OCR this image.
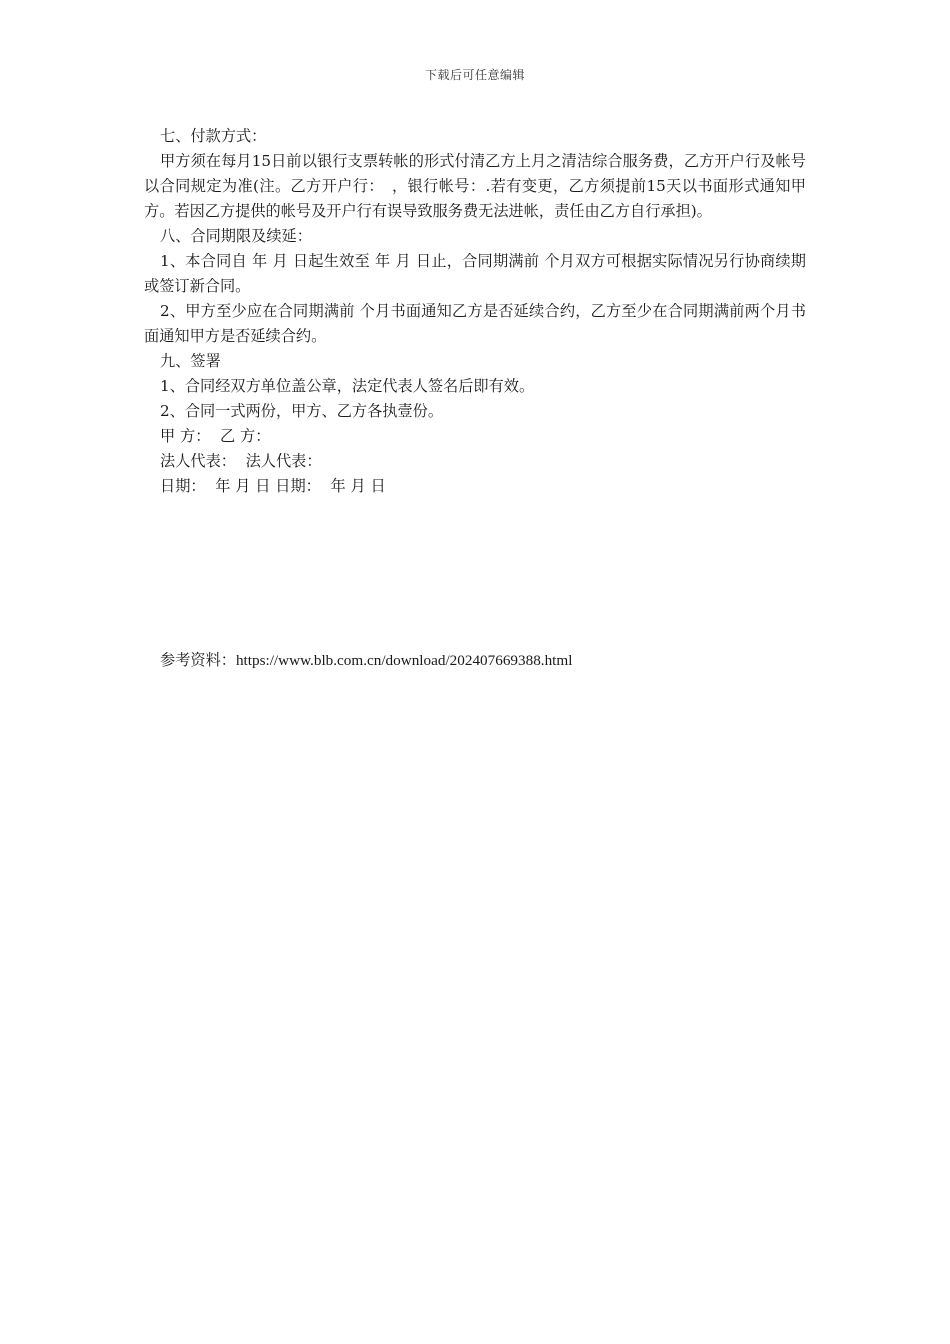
下载后可任意编辑

七、付款方式：

甲方须在每月15日前以银行支票转帐的形式付清乙方上月之清洁综合服务费，乙方开户行及帐号以合同规定为准(注。乙方开户行：　，银行帐号：.若有变更，乙方须提前15天以书面形式通知甲方。若因乙方提供的帐号及开户行有误导致服务费无法进帐，责任由乙方自行承担)。

八、合同期限及续延：

1、本合同自 年 月 日起生效至 年 月 日止，合同期满前 个月双方可根据实际情况另行协商续期或签订新合同。

2、甲方至少应在合同期满前 个月书面通知乙方是否延续合约，乙方至少在合同期满前两个月书面通知甲方是否延续合约。

九、签署

1、合同经双方单位盖公章，法定代表人签名后即有效。

2、合同一式两份，甲方、乙方各执壹份。

甲 方：  乙 方：

法人代表：  法人代表：

日期：  年 月 日 日期：  年 月 日

参考资料：https://www.blb.com.cn/download/202407669388.html
